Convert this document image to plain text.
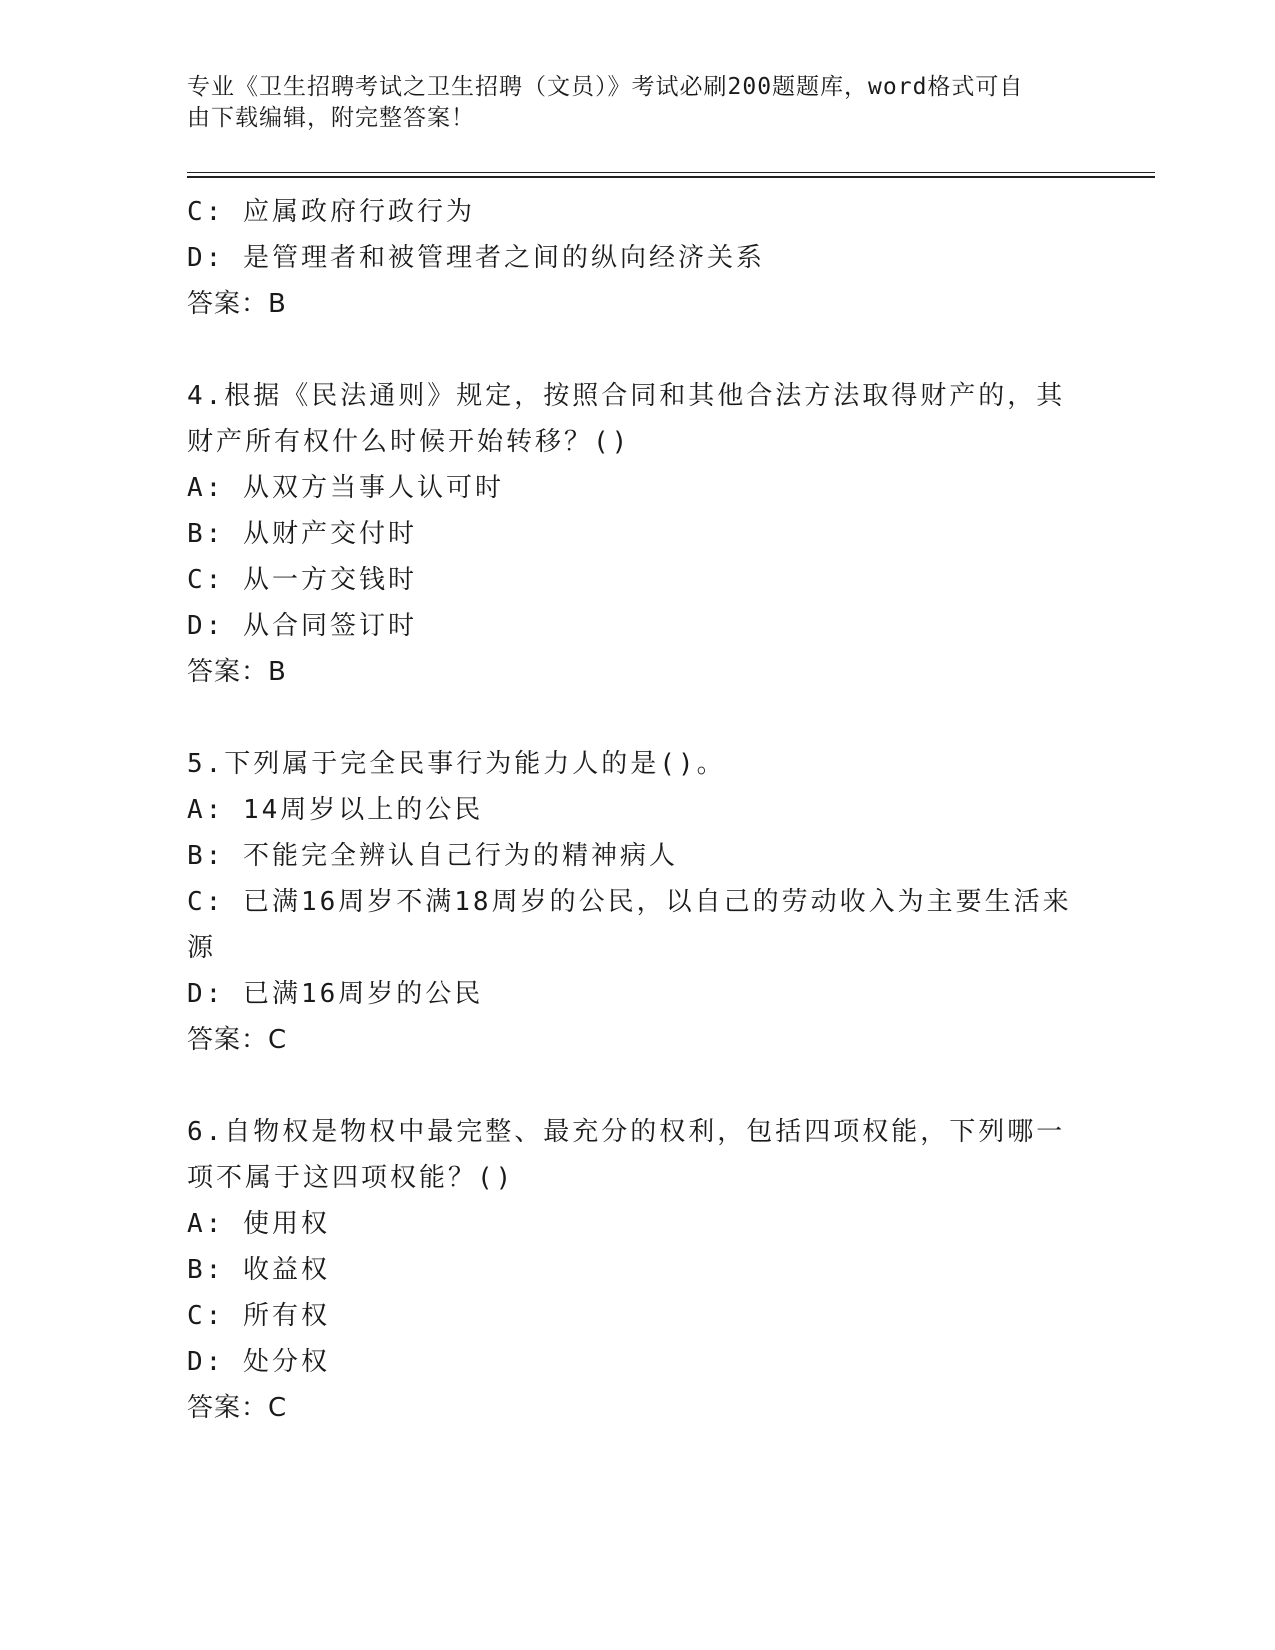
专业《卫生招聘考试之卫生招聘（文员）》考试必刷200题题库，word格式可自
由下载编辑，附完整答案！
C: 应属政府行政行为
D: 是管理者和被管理者之间的纵向经济关系
答案：B
4.根据《民法通则》规定，按照合同和其他合法方法取得财产的，其
财产所有权什么时候开始转移？()
A: 从双方当事人认可时
B: 从财产交付时
C: 从一方交钱时
D: 从合同签订时
答案：B
5.下列属于完全民事行为能力人的是()。
A: 14周岁以上的公民
B: 不能完全辨认自己行为的精神病人
C: 已满16周岁不满18周岁的公民，以自己的劳动收入为主要生活来
源
D: 已满16周岁的公民
答案：C
6.自物权是物权中最完整、最充分的权利，包括四项权能，下列哪一
项不属于这四项权能？()
A: 使用权
B: 收益权
C: 所有权
D: 处分权
答案：C
